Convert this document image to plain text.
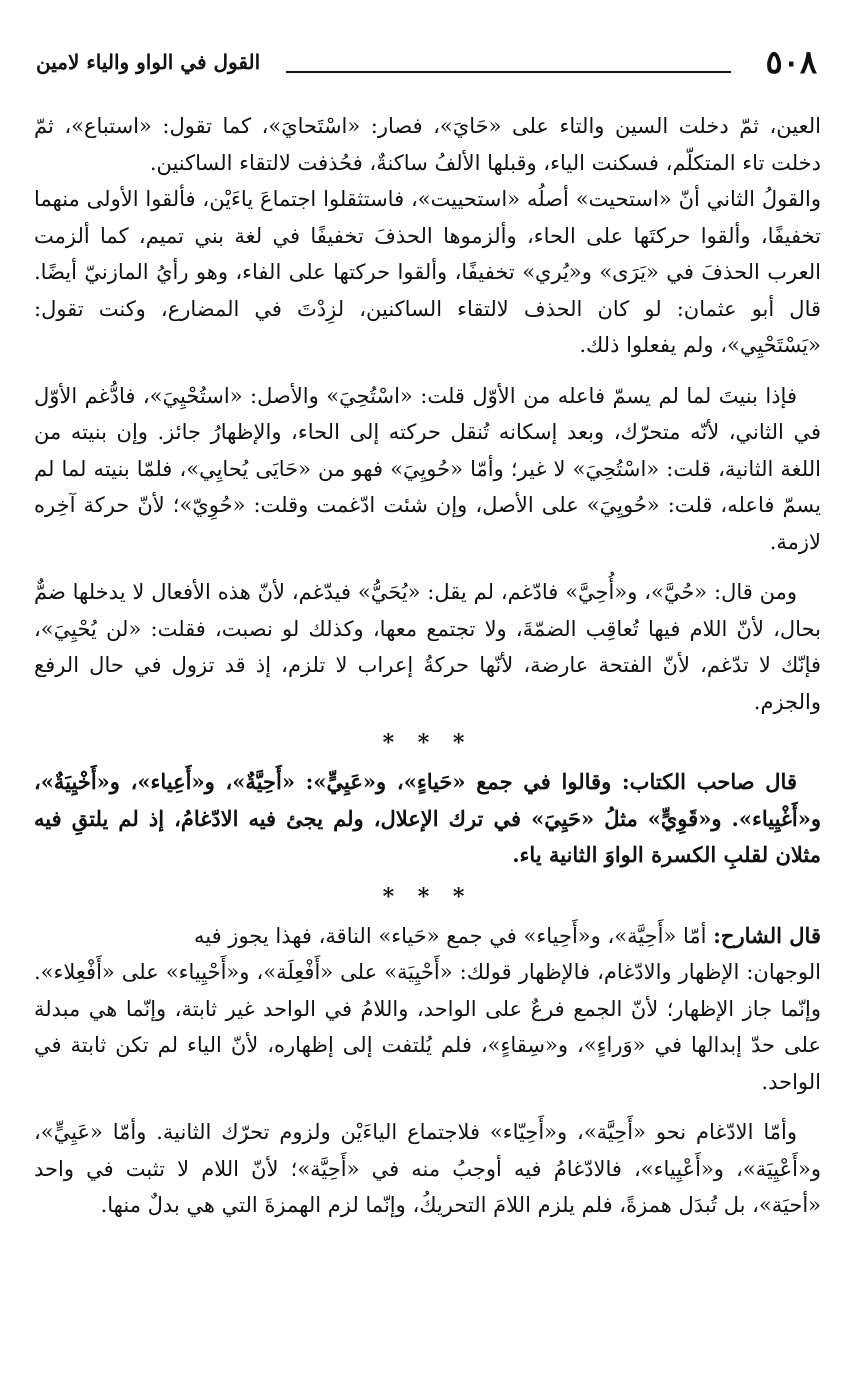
٥٠٨
القول في الواو والياء لامين

العين، ثمّ دخلت السين والتاء على «حَايَ»، فصار: «اسْتَحايَ»، كما تقول: «استباع»، ثمّ دخلت تاء المتكلّم، فسكنت الياء، وقبلها الألفُ ساكنةٌ، فحُذفت لالتقاء الساكنين.

والقولُ الثاني أنّ «استحيت» أصلُه «استحييت»، فاستثقلوا اجتماعَ ياءَيْن، فألقوا الأولى منهما تخفيفًا، وألقوا حركتَها على الحاء، وألزموها الحذفَ تخفيفًا في لغة بني تميم، كما ألزمت العرب الحذفَ في «يَرَى» و«يُري» تخفيفًا، وألقوا حركتها على الفاء، وهو رأيُ المازنيّ أيضًا. قال أبو عثمان: لو كان الحذف لالتقاء الساكنين، لزِدْتَ في المضارع، وكنت تقول: «يَسْتَحْيِي»، ولم يفعلوا ذلك.

فإذا بنيتَ لما لم يسمّ فاعله من الأوّل قلت: «اسْتُحِيَ» والأصل: «استُحْيِيَ»، فادُّغم الأوّل في الثاني، لأنّه متحرّك، وبعد إسكانه تُنقل حركته إلى الحاء، والإظهارُ جائز. وإن بنيته من اللغة الثانية، قلت: «اسْتُحِيَ» لا غير؛ وأمّا «حُويِيَ» فهو من «حَايَى يُحايِي»، فلمّا بنيته لما لم يسمّ فاعله، قلت: «حُويِيَ» على الأصل، وإن شئت ادّغمت وقلت: «حُوِيّ»؛ لأنّ حركة آخِره لازمة.

ومن قال: «حُيَّ»، و«أُحِيَّ» فادّغم، لم يقل: «يُحَيُّ» فيدّغم، لأنّ هذه الأفعال لا يدخلها ضمٌّ بحال، لأنّ اللام فيها تُعاقِب الضمّةَ، ولا تجتمع معها، وكذلك لو نصبت، فقلت: «لن يُحْيِيَ»، فإنّك لا تدّغم، لأنّ الفتحة عارضة، لأنّها حركةُ إعراب لا تلزم، إذ قد تزول في حال الرفع والجزم.

* * *

قال صاحب الكتاب: وقالوا في جمع «حَياءٍ»، و«عَيِيٍّ»: «أَحِيَّةٌ»، و«أَعِياء»، و«أَخْيِيَةٌ»، و«أَغْيِياء». و«قَوِيٍّ» مثلُ «حَيِيَ» في ترك الإعلال، ولم يجئ فيه الادّغامُ، إذ لم يلتقِ فيه مثلان لقلبِ الكسرة الواوَ الثانية ياء.

* * *

قال الشارح: أمّا «أَحِيَّة»، و«أَحِياء» في جمع «حَياء» الناقة، فهذا يجوز فيه

الوجهان: الإظهار والادّغام، فالإظهار قولك: «أَحْيِيَة» على «أَفْعِلَة»، و«أَحْيِياء» على «أَفْعِلاء». وإنّما جاز الإظهار؛ لأنّ الجمع فرعٌ على الواحد، واللامُ في الواحد غير ثابتة، وإنّما هي مبدلة على حدّ إبدالها في «وَراءٍ»، و«سِقاءٍ»، فلم يُلتفت إلى إظهاره، لأنّ الياء لم تكن ثابتة في الواحد.

وأمّا الادّغام نحو «أَحِيَّة»، و«أَحِيّاء» فلاجتماع الياءَيْن ولزوم تحرّك الثانية. وأمّا «عَيِيٍّ»، و«أَعْيِيَة»، و«أَعْيِياء»، فالادّغامُ فيه أوجبُ منه في «أَحِيَّة»؛ لأنّ اللام لا تثبت في واحد «أحيَة»، بل تُبدَل همزةً، فلم يلزم اللامَ التحريكُ، وإنّما لزم الهمزةَ التي هي بدلٌ منها.
